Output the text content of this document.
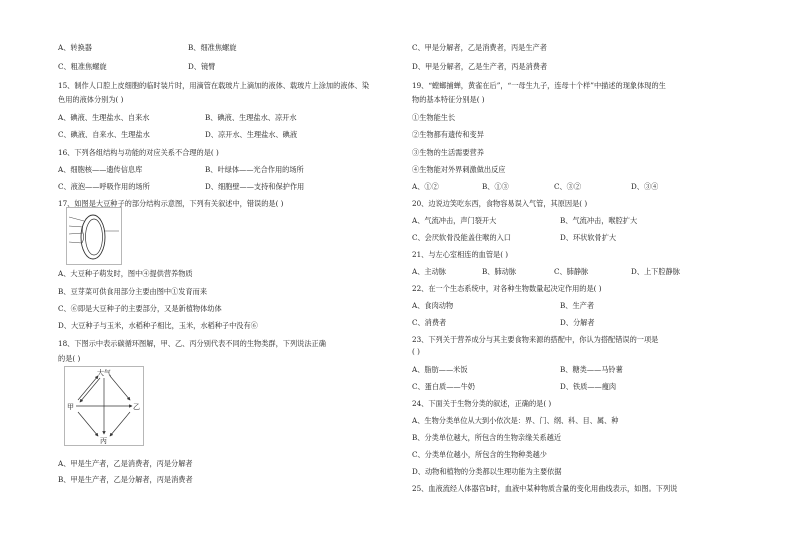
A、转换器	B、细准焦螺旋
C、粗准焦螺旋	D、镜臂
15、制作人口腔上皮细胞的临时装片时，用滴管在载玻片上滴加的液体、载玻片上涂加的液体、染
色用的液体分别为( )
A、碘液、生理盐水、自来水	B、碘液、生理盐水、凉开水
C、碘液、自来水、生理盐水	D、凉开水、生理盐水、碘液
16、下列各组结构与功能的对应关系不合理的是( )
A、细胞核——遗传信息库	B、叶绿体——光合作用的场所
C、液泡——呼吸作用的场所	D、细胞壁——支持和保护作用
17、如图是大豆种子的部分结构示意图，下列有关叙述中，错误的是( )
A、大豆种子萌发时，图中④提供营养物质
B、豆芽菜可供食用部分主要由图中①发育而来
C、⑥即是大豆种子的主要部分，又是新植物体幼体
D、大豆种子与玉米，水稻种子相比，玉米，水稻种子中没有⑥
18、下图示中表示碳循环图解，甲、乙、丙分别代表不同的生物类群，下列说法正确
的是( )
大气
甲	乙
丙
A、甲是生产者，乙是消费者，丙是分解者
B、甲是生产者，乙是分解者，丙是消费者
C、甲是分解者，乙是消费者，丙是生产者
D、甲是分解者，乙是生产者，丙是消费者
19、“螳螂捕蝉，黄雀在后”，“一母生九子，连母十个样”中描述的现象体现的生
物的基本特征分别是( )
①生物能生长
②生物都有遗传和变异
③生物的生活需要营养
④生物能对外界刺激做出反应
A、①②	B、①③	C、③②	D、③④
20、边说边笑吃东西，食物容易误入气管，其原因是( )
A、气流冲击，声门裂开大	B、气流冲击，喉腔扩大
C、会厌软骨没能盖住喉的入口	D、环状软骨扩大
21、与左心室相连的血管是( )
A、主动脉	B、肺动脉	C、肺静脉	D、上下腔静脉
22、在一个生态系统中，对各种生物数量起决定作用的是( )
A、食肉动物	B、生产者
C、消费者	D、分解者
23、下列关于营养成分与其主要食物来源的搭配中，你认为搭配错误的一项是
( )
A、脂肪——米饭	B、糖类——马铃薯
C、蛋白质——牛奶	D、铁质——瘦肉
24、下面关于生物分类的叙述，正确的是( )
A、生物分类单位从大到小依次是：界、门、纲、科、目、属、种
B、分类单位越大，所包含的生物亲缘关系越近
C、分类单位越小，所包含的生物种类越少
D、动物和植物的分类都以生理功能为主要依据
25、血液流经人体器官b时，血液中某种物质含量的变化用曲线表示，如图。下列说
